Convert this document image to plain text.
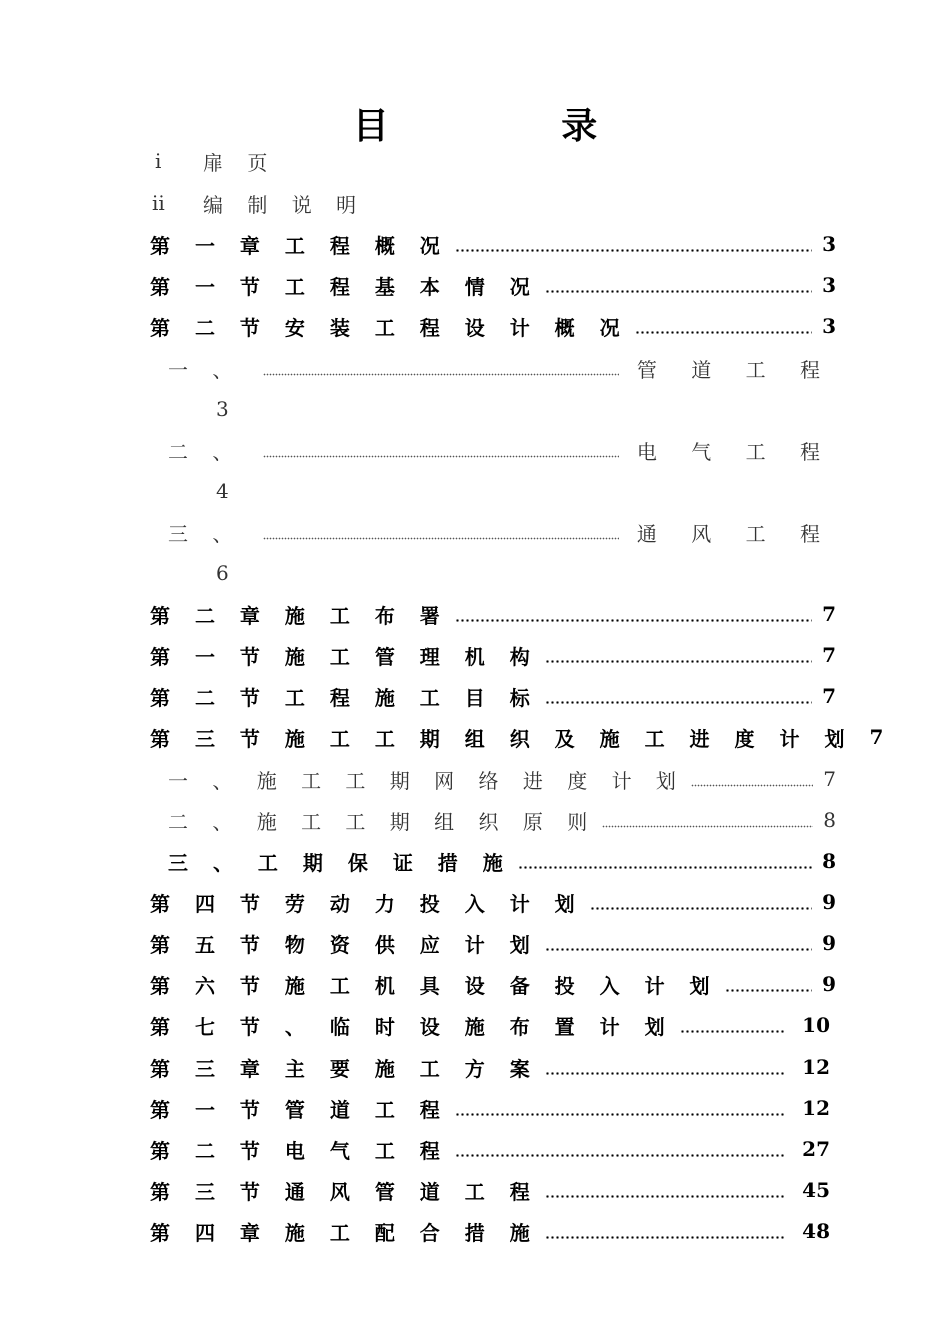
目 录
i	扉 页
ii	编 制 说 明
第 一 章 工 程 概 况	3
第 一 节 工 程 基 本 情 况	3
第 二 节 安 装 工 程 设 计 概 况	3
一 、	管 道 工 程
3
二 、	电 气 工 程
4
三 、	通 风 工 程
6
第 二 章 施 工 布 署	7
第 一 节 施 工 管 理 机 构	7
第 二 节 工 程 施 工 目 标	7
第 三 节 施 工 工 期 组 织 及 施 工 进 度 计 划 7
一 、 施 工 工 期 网 络 进 度 计 划	7
二 、 施 工 工 期 组 织 原 则	8
三 、 工 期 保 证 措 施	8
第 四 节 劳 动 力 投 入 计 划	9
第 五 节 物 资 供 应 计 划	9
第 六 节 施 工 机 具 设 备 投 入 计 划	9
第 七 节 、 临 时 设 施 布 置 计 划	10
第 三 章 主 要 施 工 方 案	12
第 一 节 管 道 工 程	12
第 二 节 电 气 工 程	27
第 三 节 通 风 管 道 工 程	45
第 四 章 施 工 配 合 措 施	48
